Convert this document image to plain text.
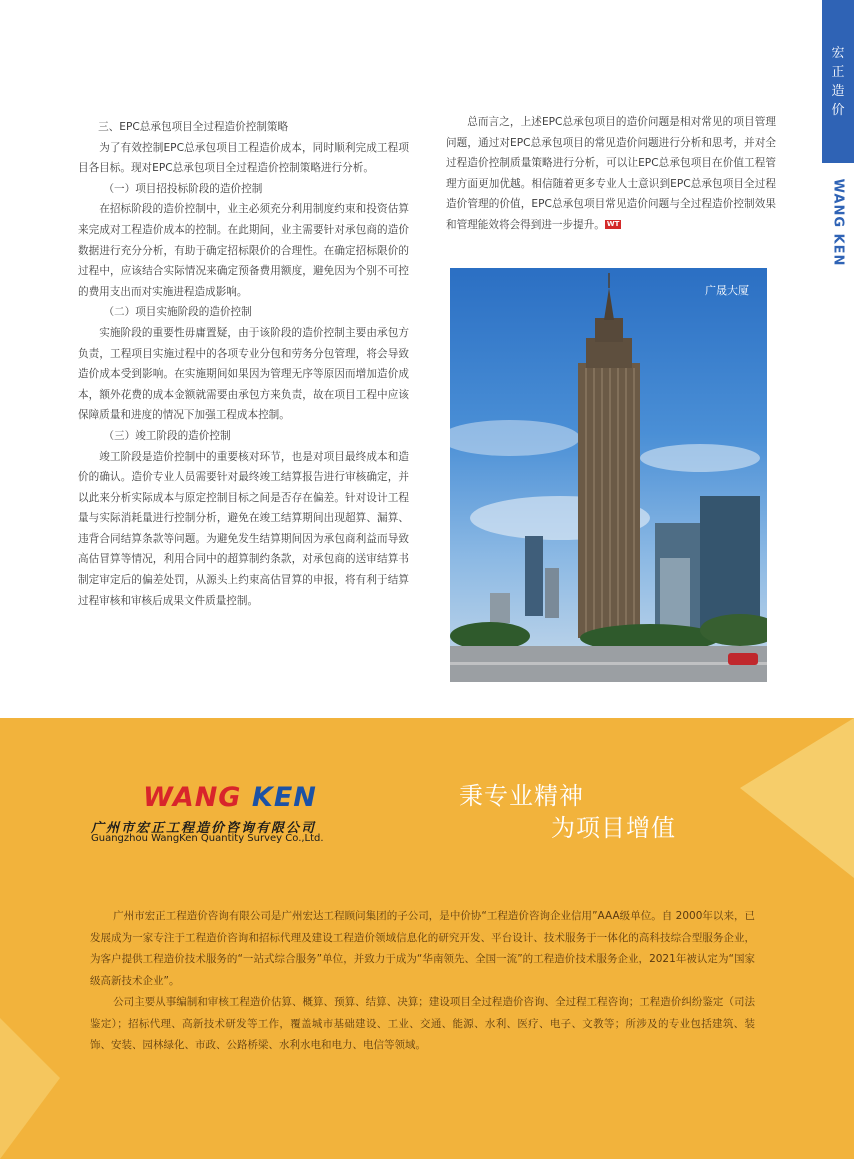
宏
正
造
价
WANG KEN

三、EPC总承包项目全过程造价控制策略

为了有效控制EPC总承包项目工程造价成本，同时顺利完成工程项目各目标。现对EPC总承包项目全过程造价控制策略进行分析。

（一）项目招投标阶段的造价控制

在招标阶段的造价控制中，业主必须充分利用制度约束和投资估算来完成对工程造价成本的控制。在此期间，业主需要针对承包商的造价数据进行充分分析，有助于确定招标限价的合理性。在确定招标限价的过程中，应该结合实际情况来确定预备费用额度，避免因为个别不可控的费用支出而对实施进程造成影响。

（二）项目实施阶段的造价控制

实施阶段的重要性毋庸置疑，由于该阶段的造价控制主要由承包方负责，工程项目实施过程中的各项专业分包和劳务分包管理，将会导致造价成本受到影响。在实施期间如果因为管理无序等原因而增加造价成本，额外花费的成本金额就需要由承包方来负责，故在项目工程中应该保障质量和进度的情况下加强工程成本控制。

（三）竣工阶段的造价控制

竣工阶段是造价控制中的重要核对环节，也是对项目最终成本和造价的确认。造价专业人员需要针对最终竣工结算报告进行审核确定，并以此来分析实际成本与原定控制目标之间是否存在偏差。针对设计工程量与实际消耗量进行控制分析，避免在竣工结算期间出现超算、漏算、违背合同结算条款等问题。为避免发生结算期间因为承包商利益而导致高估冒算等情况，利用合同中的超算制约条款，对承包商的送审结算书制定审定后的偏差处罚，从源头上约束高估冒算的申报，将有利于结算过程审核和审核后成果文件质量控制。

总而言之，上述EPC总承包项目的造价问题是相对常见的项目管理问题，通过对EPC总承包项目的常见造价问题进行分析和思考，并对全过程造价控制质量策略进行分析，可以让EPC总承包项目在价值工程管理方面更加优越。相信随着更多专业人士意识到EPC总承包项目全过程造价管理的价值，EPC总承包项目常见造价问题与全过程造价控制效果和管理能效将会得到进一步提升。 WT

广晟大厦
WANG KEN
广州市宏正工程造价咨询有限公司
Guangzhou WangKen Quantity Survey Co.,Ltd.
秉专业精神
为项目增值

广州市宏正工程造价咨询有限公司是广州宏达工程顾问集团的子公司，是中价协“工程造价咨询企业信用”AAA级单位。自 2000年以来，已发展成为一家专注于工程造价咨询和招标代理及建设工程造价领域信息化的研究开发、平台设计、技术服务于一体化的高科技综合型服务企业，为客户提供工程造价技术服务的“一站式综合服务”单位，并致力于成为“华南领先、全国一流”的工程造价技术服务企业，2021年被认定为“国家级高新技术企业”。

公司主要从事编制和审核工程造价估算、概算、预算、结算、决算；建设项目全过程造价咨询、全过程工程咨询；工程造价纠纷鉴定（司法鉴定）；招标代理、高新技术研发等工作，覆盖城市基础建设、工业、交通、能源、水利、医疗、电子、文教等；所涉及的专业包括建筑、装饰、安装、园林绿化、市政、公路桥梁、水利水电和电力、电信等领域。
